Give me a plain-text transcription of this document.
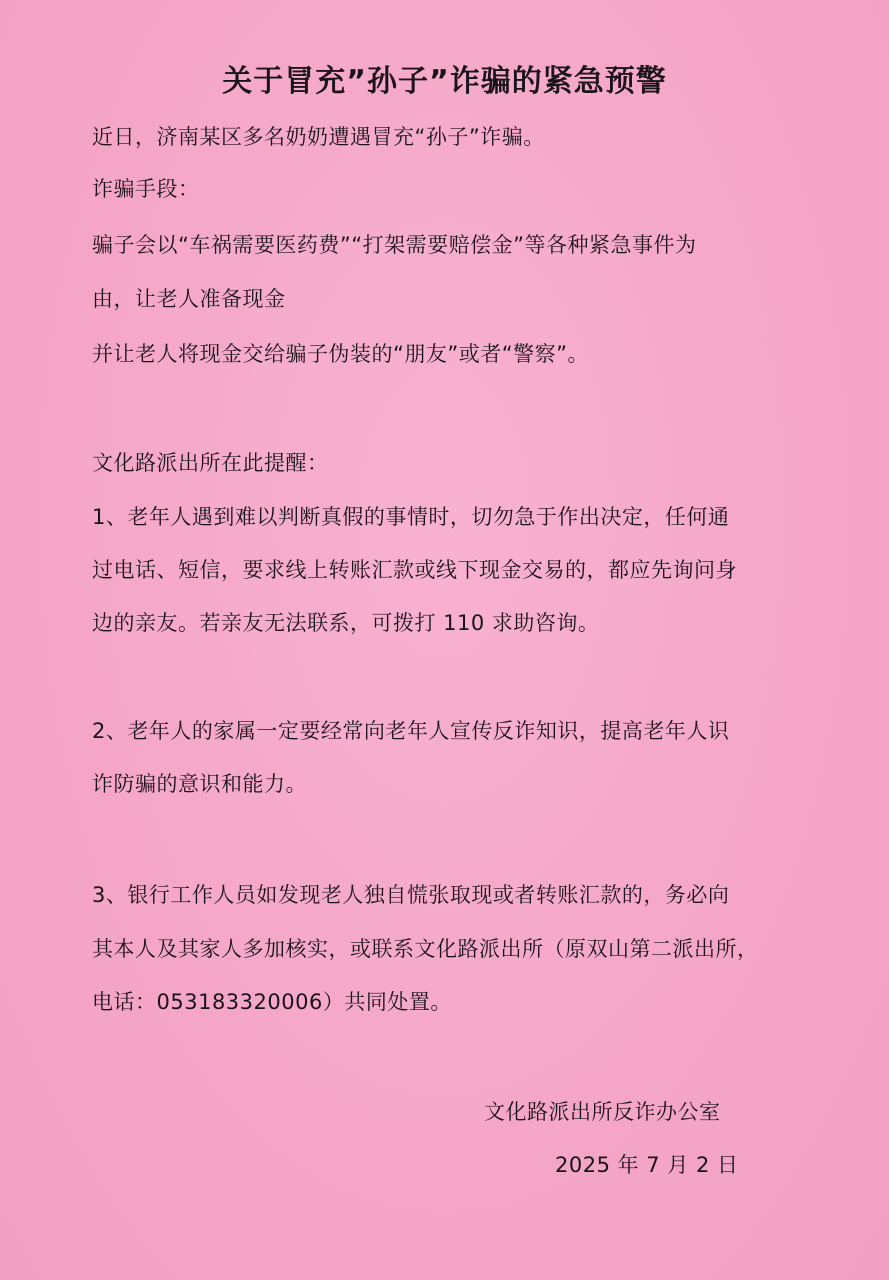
关于冒充”孙子”诈骗的紧急预警
近日，济南某区多名奶奶遭遇冒充“孙子”诈骗。
诈骗手段：
骗子会以“车祸需要医药费”“打架需要赔偿金”等各种紧急事件为
由，让老人准备现金
并让老人将现金交给骗子伪装的“朋友”或者“警察”。
文化路派出所在此提醒：
1、老年人遇到难以判断真假的事情时，切勿急于作出决定，任何通
过电话、短信，要求线上转账汇款或线下现金交易的，都应先询问身
边的亲友。若亲友无法联系，可拨打 110 求助咨询。
2、老年人的家属一定要经常向老年人宣传反诈知识，提高老年人识
诈防骗的意识和能力。
3、银行工作人员如发现老人独自慌张取现或者转账汇款的，务必向
其本人及其家人多加核实，或联系文化路派出所（原双山第二派出所，
电话：053183320006）共同处置。
文化路派出所反诈办公室
2025 年 7 月 2 日
